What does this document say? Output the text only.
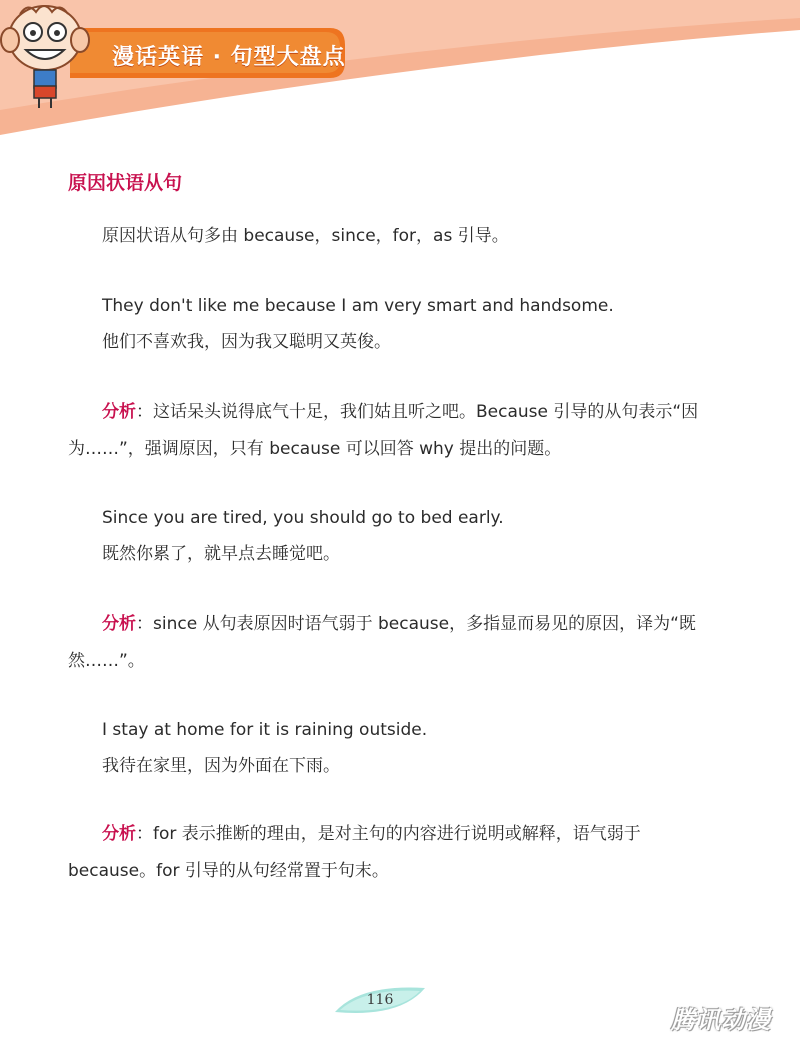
漫话英语 · 句型大盘点
原因状语从句

原因状语从句多由 because，since，for，as 引导。

They don't like me because I am very smart and handsome.

他们不喜欢我，因为我又聪明又英俊。

分析：这话呆头说得底气十足，我们姑且听之吧。Because 引导的从句表示“因为……”，强调原因，只有 because 可以回答 why 提出的问题。

Since you are tired, you should go to bed early.

既然你累了，就早点去睡觉吧。

分析：since 从句表原因时语气弱于 because，多指显而易见的原因，译为“既然……”。

I stay at home for it is raining outside.

我待在家里，因为外面在下雨。

分析：for 表示推断的理由，是对主句的内容进行说明或解释，语气弱于 because。for 引导的从句经常置于句末。

116
腾讯动漫
